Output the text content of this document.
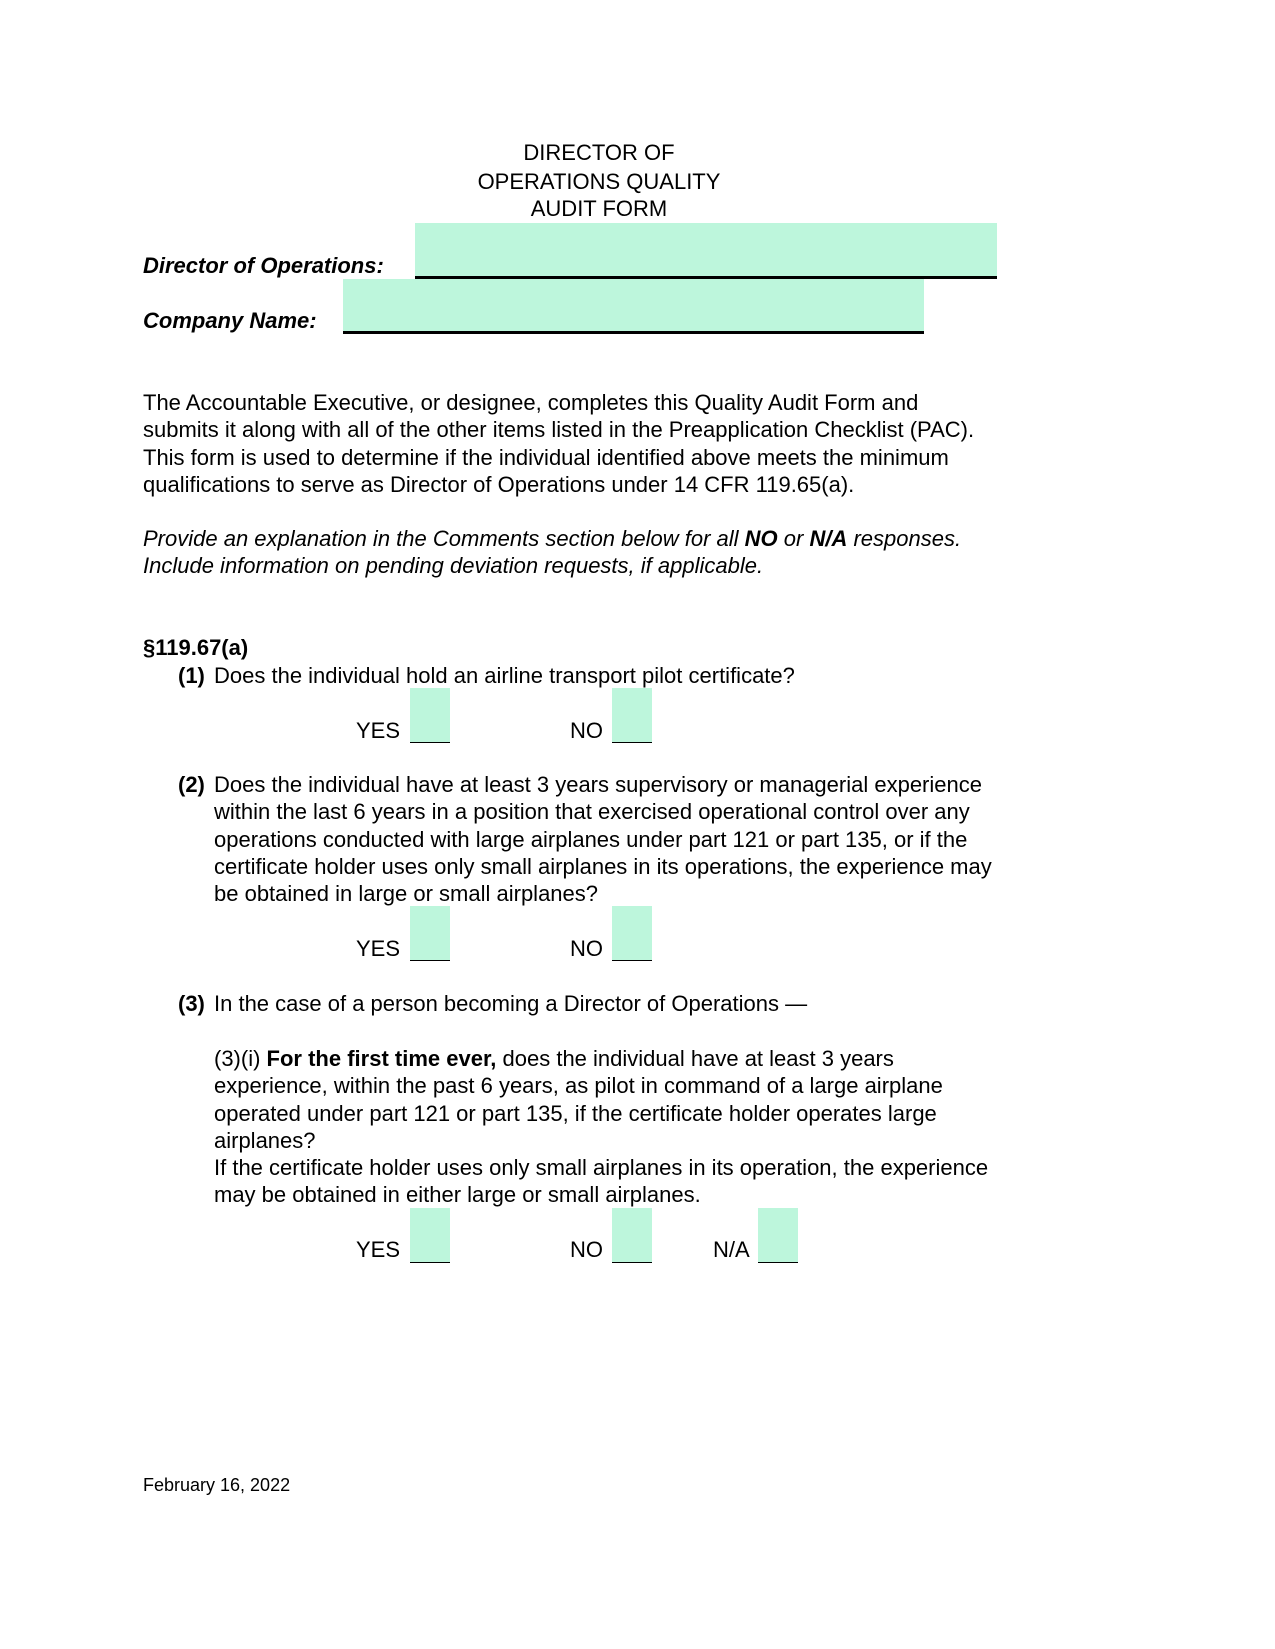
DIRECTOR OF
OPERATIONS QUALITY
AUDIT FORM
Director of Operations:
Company Name:
The Accountable Executive, or designee, completes this Quality Audit Form and
submits it along with all of the other items listed in the Preapplication Checklist (PAC).
This form is used to determine if the individual identified above meets the minimum
qualifications to serve as Director of Operations under 14 CFR 119.65(a).
Provide an explanation in the Comments section below for all NO or N/A responses.
Include information on pending deviation requests, if applicable.
§119.67(a)
(1) Does the individual hold an airline transport pilot certificate?
YES	NO
(2) Does the individual have at least 3 years supervisory or managerial experience
within the last 6 years in a position that exercised operational control over any
operations conducted with large airplanes under part 121 or part 135, or if the
certificate holder uses only small airplanes in its operations, the experience may
be obtained in large or small airplanes?
YES	NO
(3) In the case of a person becoming a Director of Operations —
(3)(i) For the first time ever, does the individual have at least 3 years
experience, within the past 6 years, as pilot in command of a large airplane
operated under part 121 or part 135, if the certificate holder operates large
airplanes?
If the certificate holder uses only small airplanes in its operation, the experience
may be obtained in either large or small airplanes.
YES	NO	N/A
February 16, 2022
